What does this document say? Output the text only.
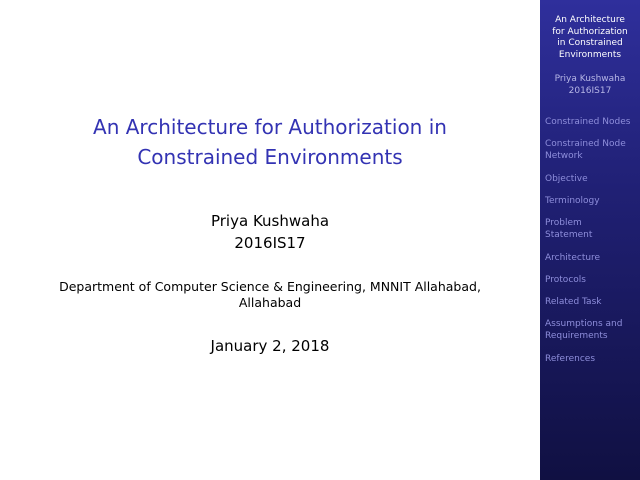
An Architecture for Authorization in
Constrained Environments
Priya Kushwaha
2016IS17
Department of Computer Science & Engineering, MNNIT Allahabad,
Allahabad
January 2, 2018
An Architecture
for Authorization
in Constrained
Environments
Priya Kushwaha
2016IS17
Constrained Nodes
Constrained Node
Network
Objective
Terminology
Problem
Statement
Architecture
Protocols
Related Task
Assumptions and
Requirements
References
